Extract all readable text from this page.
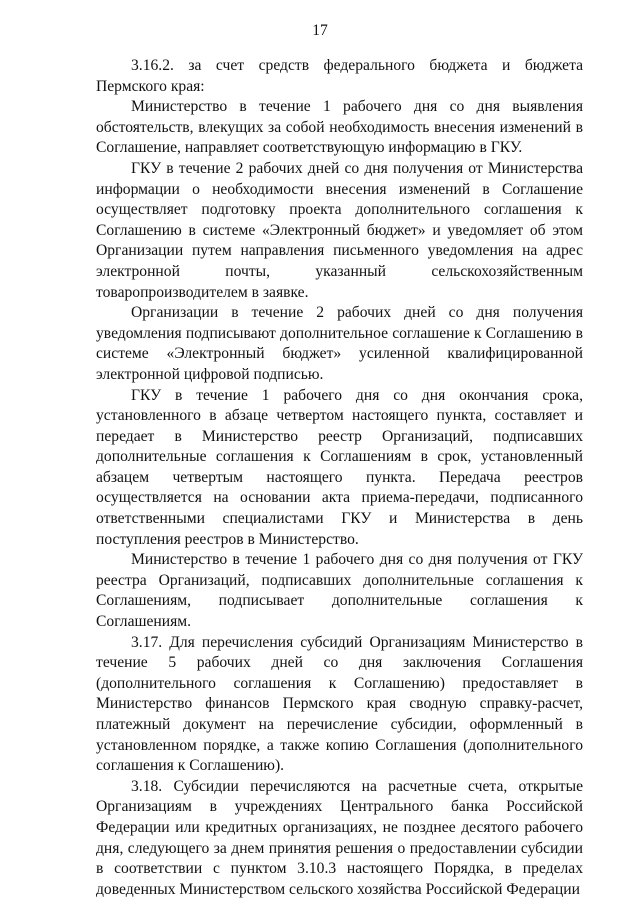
17

3.16.2. за счет средств федерального бюджета и бюджета Пермского края:

Министерство в течение 1 рабочего дня со дня выявления обстоятельств, влекущих за собой необходимость внесения изменений в Соглашение, направляет соответствующую информацию в ГКУ.

ГКУ в течение 2 рабочих дней со дня получения от Министерства информации о необходимости внесения изменений в Соглашение осуществляет подготовку проекта дополнительного соглашения к Соглашению в системе «Электронный бюджет» и уведомляет об этом Организации путем направления письменного уведомления на адрес электронной почты, указанный сельскохозяйственным товаропроизводителем в заявке.

Организации в течение 2 рабочих дней со дня получения уведомления подписывают дополнительное соглашение к Соглашению в системе «Электронный бюджет» усиленной квалифицированной электронной цифровой подписью.

ГКУ в течение 1 рабочего дня со дня окончания срока, установленного в абзаце четвертом настоящего пункта, составляет и передает в Министерство реестр Организаций, подписавших дополнительные соглашения к Соглашениям в срок, установленный абзацем четвертым настоящего пункта. Передача реестров осуществляется на основании акта приема-передачи, подписанного ответственными специалистами ГКУ и Министерства в день поступления реестров в Министерство.

Министерство в течение 1 рабочего дня со дня получения от ГКУ реестра Организаций, подписавших дополнительные соглашения к Соглашениям, подписывает дополнительные соглашения к Соглашениям.

3.17. Для перечисления субсидий Организациям Министерство в течение 5 рабочих дней со дня заключения Соглашения (дополнительного соглашения к Соглашению) предоставляет в Министерство финансов Пермского края сводную справку-расчет, платежный документ на перечисление субсидии, оформленный в установленном порядке, а также копию Соглашения (дополнительного соглашения к Соглашению).

3.18. Субсидии перечисляются на расчетные счета, открытые Организациям в учреждениях Центрального банка Российской Федерации или кредитных организациях, не позднее десятого рабочего дня, следующего за днем принятия решения о предоставлении субсидии в соответствии с пунктом 3.10.3 настоящего Порядка, в пределах доведенных Министерством сельского хозяйства Российской Федерации
